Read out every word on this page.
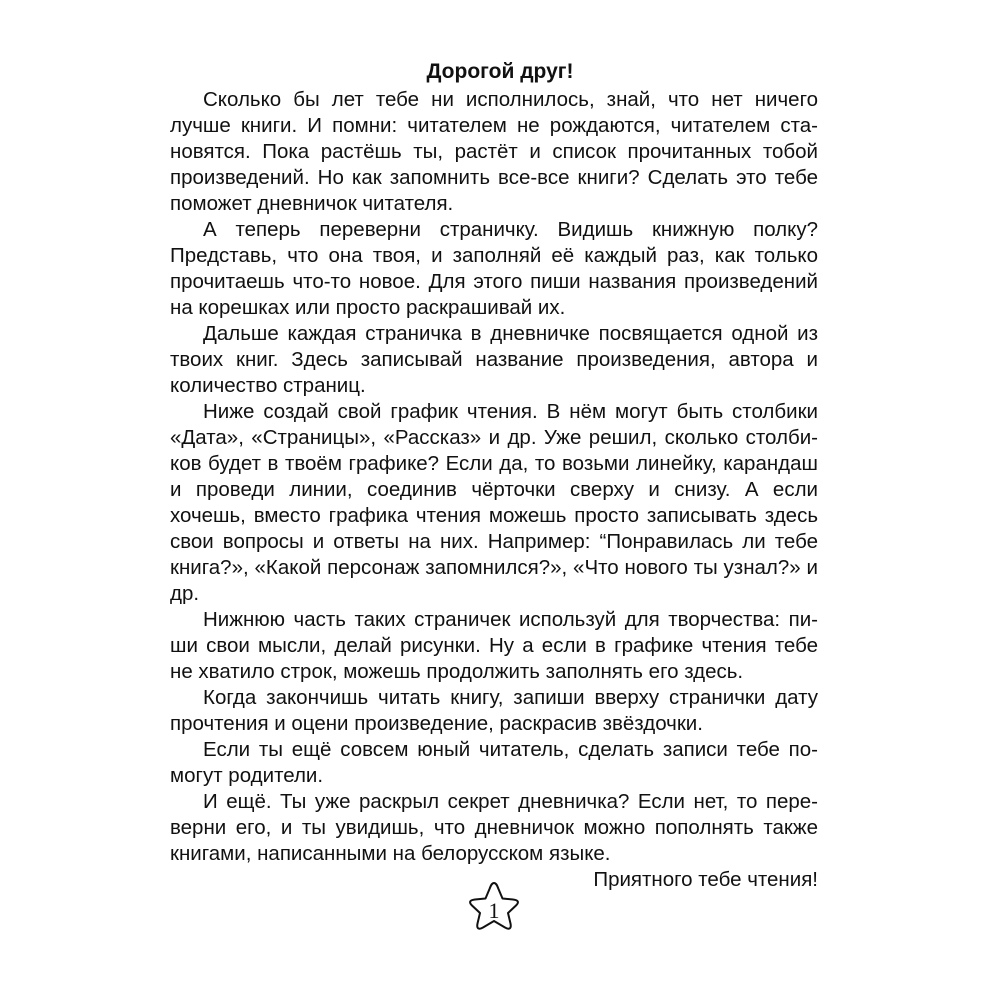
Дорогой друг!

Сколько бы лет тебе ни исполнилось, знай, что нет ничего лучше книги. И помни: читателем не рождаются, читателем становятся. Пока растёшь ты, растёт и список прочитанных тобой произведений. Но как запомнить все-все книги? Сделать это тебе поможет дневничок читателя.

А теперь переверни страничку. Видишь книжную полку? Представь, что она твоя, и заполняй её каждый раз, как только прочитаешь что-то новое. Для этого пиши названия произведений на корешках или просто раскрашивай их.

Дальше каждая страничка в дневничке посвящается одной из твоих книг. Здесь записывай название произведения, автора и количество страниц.

Ниже создай свой график чтения. В нём могут быть столбики «Дата», «Страницы», «Рассказ» и др. Уже решил, сколько столбиков будет в твоём графике? Если да, то возьми линейку, карандаш и проведи линии, соединив чёрточки сверху и снизу. А если хочешь, вместо графика чтения можешь просто записывать здесь свои вопросы и ответы на них. Например: “Понравилась ли тебе книга?», «Какой персонаж запомнился?», «Что нового ты узнал?» и др.

Нижнюю часть таких страничек используй для творчества: пиши свои мысли, делай рисунки. Ну а если в графике чтения тебе не хватило строк, можешь продолжить заполнять его здесь.

Когда закончишь читать книгу, запиши вверху странички дату прочтения и оцени произведение, раскрасив звёздочки.

Если ты ещё совсем юный читатель, сделать записи тебе помогут родители.

И ещё. Ты уже раскрыл секрет дневничка? Если нет, то переверни его, и ты увидишь, что дневничок можно пополнять также книгами, написанными на белорусском языке.

Приятного тебе чтения!

1
